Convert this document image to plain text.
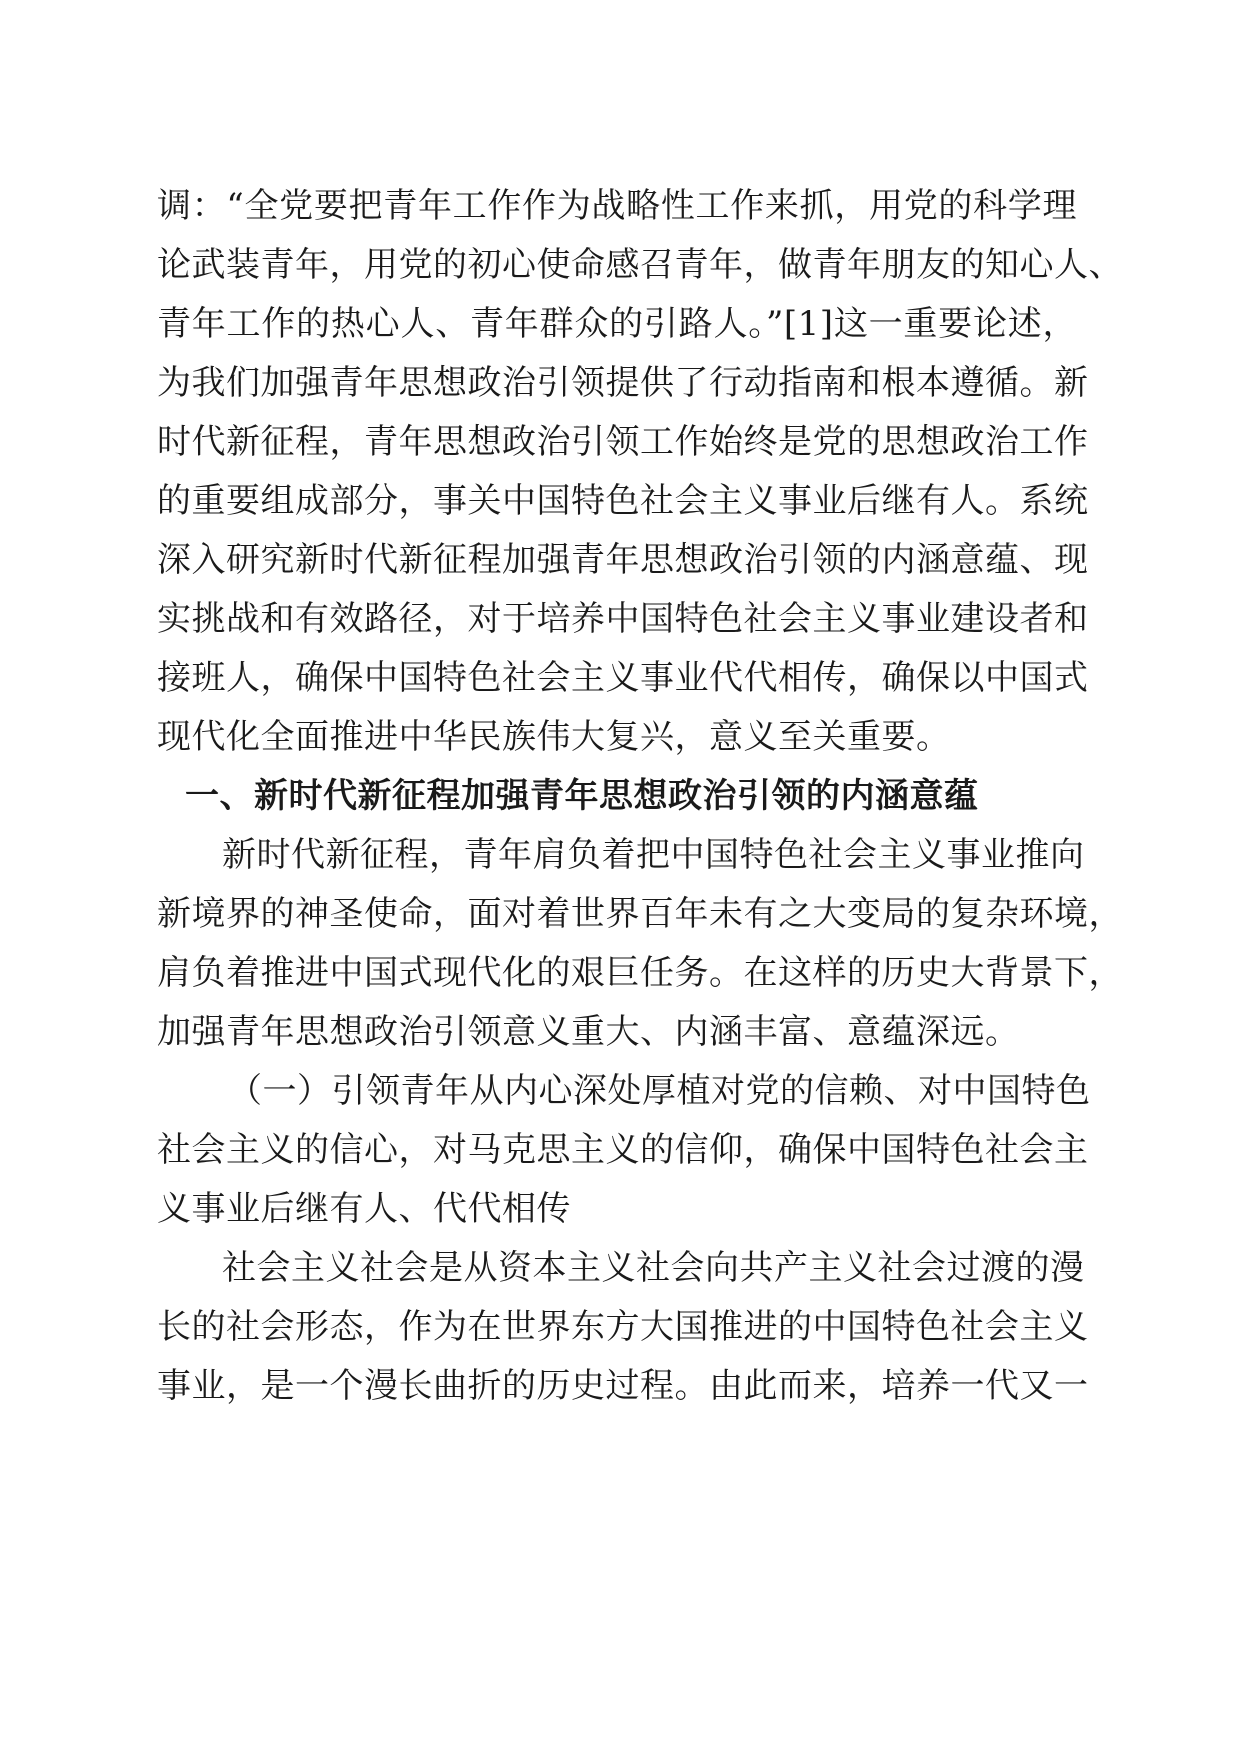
调：“全党要把青年工作作为战略性工作来抓，用党的科学理
论武装青年，用党的初心使命感召青年，做青年朋友的知心人、
青年工作的热心人、青年群众的引路人。”[1]这一重要论述，
为我们加强青年思想政治引领提供了行动指南和根本遵循。新
时代新征程，青年思想政治引领工作始终是党的思想政治工作
的重要组成部分，事关中国特色社会主义事业后继有人。系统
深入研究新时代新征程加强青年思想政治引领的内涵意蕴、现
实挑战和有效路径，对于培养中国特色社会主义事业建设者和
接班人，确保中国特色社会主义事业代代相传，确保以中国式
现代化全面推进中华民族伟大复兴，意义至关重要。
一、新时代新征程加强青年思想政治引领的内涵意蕴
新时代新征程，青年肩负着把中国特色社会主义事业推向
新境界的神圣使命，面对着世界百年未有之大变局的复杂环境，
肩负着推进中国式现代化的艰巨任务。在这样的历史大背景下，
加强青年思想政治引领意义重大、内涵丰富、意蕴深远。
（一）引领青年从内心深处厚植对党的信赖、对中国特色
社会主义的信心，对马克思主义的信仰，确保中国特色社会主
义事业后继有人、代代相传
社会主义社会是从资本主义社会向共产主义社会过渡的漫
长的社会形态，作为在世界东方大国推进的中国特色社会主义
事业，是一个漫长曲折的历史过程。由此而来，培养一代又一
